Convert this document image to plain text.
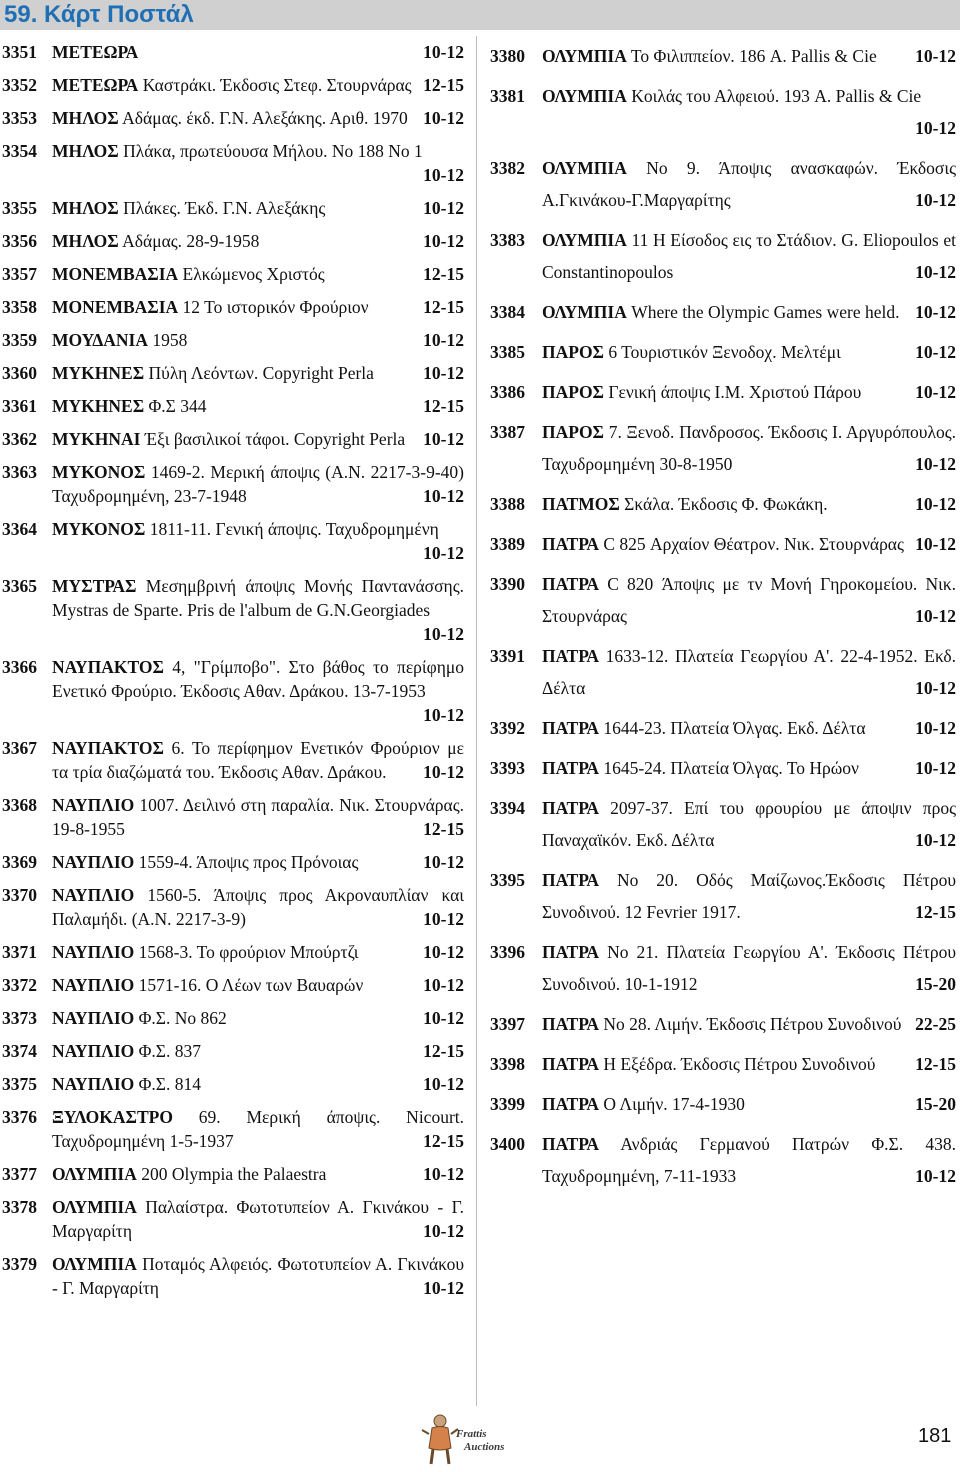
59. Κάρτ Ποστάλ
3351 ΜΕΤΕΩΡΑ	10-12
3352 ΜΕΤΕΩΡΑ Καστράκι. Έκδοσις Στεφ. Στουρνάρας 12-15
3353 ΜΗΛΟΣ Αδάμας. έκδ. Γ.Ν. Αλεξάκης. Αριθ. 1970 10-12
3354 ΜΗΛΟΣ Πλάκα, πρωτεύουσα Μήλου. Νο 188 Νο 1
10-12
3355 ΜΗΛΟΣ Πλάκες. Έκδ. Γ.Ν. Αλεξάκης	10-12
3356 ΜΗΛΟΣ Αδάμας. 28-9-1958	10-12
3357 ΜΟΝΕΜΒΑΣΙΑ Ελκώμενος Χριστός	12-15
3358 ΜΟΝΕΜΒΑΣΙΑ 12 Το ιστορικόν Φρούριον	12-15
3359 ΜΟΥΔΑΝΙΑ 1958	10-12
3360 ΜΥΚΗΝΕΣ Πύλη Λεόντων. Copyright Perla	10-12
3361 ΜΥΚΗΝΕΣ Φ.Σ 344	12-15
3362 ΜΥΚΗΝΑΙ Έξι βασιλικοί τάφοι. Copyright Perla 10-12
3363 ΜΥΚΟΝΟΣ 1469-2. Μερική άποψις (Α.Ν. 2217-3-9-40) Ταχυδρομημένη, 23-7-1948	10-12
3364 ΜΥΚΟΝΟΣ 1811-11. Γενική άποψις. Ταχυδρομημένη
10-12
3365 ΜΥΣΤΡΑΣ Μεσημβρινή άποψις Μονής Παντανάσσης. Mystras de Sparte. Pris de l'album de G.N.Georgiades
10-12
3366 ΝΑΥΠΑΚΤΟΣ 4, "Γρίμποβο". Στο βάθος το περίφημο Ενετικό Φρούριο. Έκδοσις Αθαν. Δράκου. 13-7-1953
10-12
3367 ΝΑΥΠΑΚΤΟΣ 6. Το περίφημον Ενετικόν Φρούριον με τα τρία διαζώματά του. Έκδοσις Αθαν. Δράκου. 10-12
3368 ΝΑΥΠΛΙΟ 1007. Δειλινό στη παραλία. Νικ. Στουρνάρας. 19-8-1955	12-15
3369 ΝΑΥΠΛΙΟ 1559-4. Άποψις προς Πρόνοιας	10-12
3370 ΝΑΥΠΛΙΟ 1560-5. Άποψις προς Ακροναυπλίαν και Παλαμήδι. (Α.Ν. 2217-3-9)	10-12
3371 ΝΑΥΠΛΙΟ 1568-3. Το φρούριον Μπούρτζι	10-12
3372 ΝΑΥΠΛΙΟ 1571-16. Ο Λέων των Βαυαρών	10-12
3373 ΝΑΥΠΛΙΟ Φ.Σ. Νο 862	10-12
3374 ΝΑΥΠΛΙΟ Φ.Σ. 837	12-15
3375 ΝΑΥΠΛΙΟ Φ.Σ. 814	10-12
3376 ΞΥΛΟΚΑΣΤΡΟ 69. Μερική άποψις. Nicourt. Ταχυδρομημένη 1-5-1937	12-15
3377 ΟΛΥΜΠΙΑ 200 Olympia the Palaestra	10-12
3378 ΟΛΥΜΠΙΑ Παλαίστρα. Φωτοτυπείον Α. Γκινάκου - Γ. Μαργαρίτη	10-12
3379 ΟΛΥΜΠΙΑ Ποταμός Αλφειός. Φωτοτυπείον Α. Γκινάκου - Γ. Μαργαρίτη	10-12
3380 ΟΛΥΜΠΙΑ Το Φιλιππείον. 186 A. Pallis & Cie 10-12
3381 ΟΛΥΜΠΙΑ Κοιλάς του Αλφειού. 193 A. Pallis & Cie
10-12
3382 ΟΛΥΜΠΙΑ Νο 9. Άποψις ανασκαφών. Έκδοσις Α.Γκινάκου-Γ.Μαργαρίτης	10-12
3383 ΟΛΥΜΠΙΑ 11 H Είσοδος εις το Στάδιον. G. Eliopoulos et Constantinopoulos	10-12
3384 ΟΛΥΜΠΙΑ Where the Olympic Games were held. 10-12
3385 ΠΑΡΟΣ 6 Τουριστικόν Ξενοδοχ. Μελτέμι	10-12
3386 ΠΑΡΟΣ Γενική άποψις Ι.Μ. Χριστού Πάρου	10-12
3387 ΠΑΡΟΣ 7. Ξενοδ. Πανδροσος. Έκδοσις Ι. Αργυρόπουλος. Ταχυδρομημένη 30-8-1950	10-12
3388 ΠΑΤΜΟΣ Σκάλα. Έκδοσις Φ. Φωκάκη.	10-12
3389 ΠΑΤΡΑ C 825 Αρχαίον Θέατρον. Νικ. Στουρνάρας 10-12
3390 ΠΑΤΡΑ C 820 Άποψις με τν Μονή Γηροκομείου. Νικ. Στουρνάρας	10-12
3391 ΠΑΤΡΑ 1633-12. Πλατεία Γεωργίου Α'. 22-4-1952. Εκδ. Δέλτα	10-12
3392 ΠΑΤΡΑ 1644-23. Πλατεία Όλγας. Εκδ. Δέλτα	10-12
3393 ΠΑΤΡΑ 1645-24. Πλατεία Όλγας. Το Ηρώον	10-12
3394 ΠΑΤΡΑ 2097-37. Επί του φρουρίου με άποψιν προς Παναχαϊκόν. Εκδ. Δέλτα	10-12
3395 ΠΑΤΡΑ Νο 20. Οδός Μαίζωνος.Έκδοσις Πέτρου Συνοδινού. 12 Fevrier 1917.	12-15
3396 ΠΑΤΡΑ Νο 21. Πλατεία Γεωργίου Α'. Έκδοσις Πέτρου Συνοδινού. 10-1-1912	15-20
3397 ΠΑΤΡΑ Νο 28. Λιμήν. Έκδοσις Πέτρου Συνοδινού 22-25
3398 ΠΑΤΡΑ Η Εξέδρα. Έκδοσις Πέτρου Συνοδινού 12-15
3399 ΠΑΤΡΑ Ο Λιμήν. 17-4-1930	15-20
3400 ΠΑΤΡΑ Ανδριάς Γερμανού Πατρών Φ.Σ. 438. Ταχυδρομημένη, 7-11-1933	10-12
Frattis
Auctions	181
